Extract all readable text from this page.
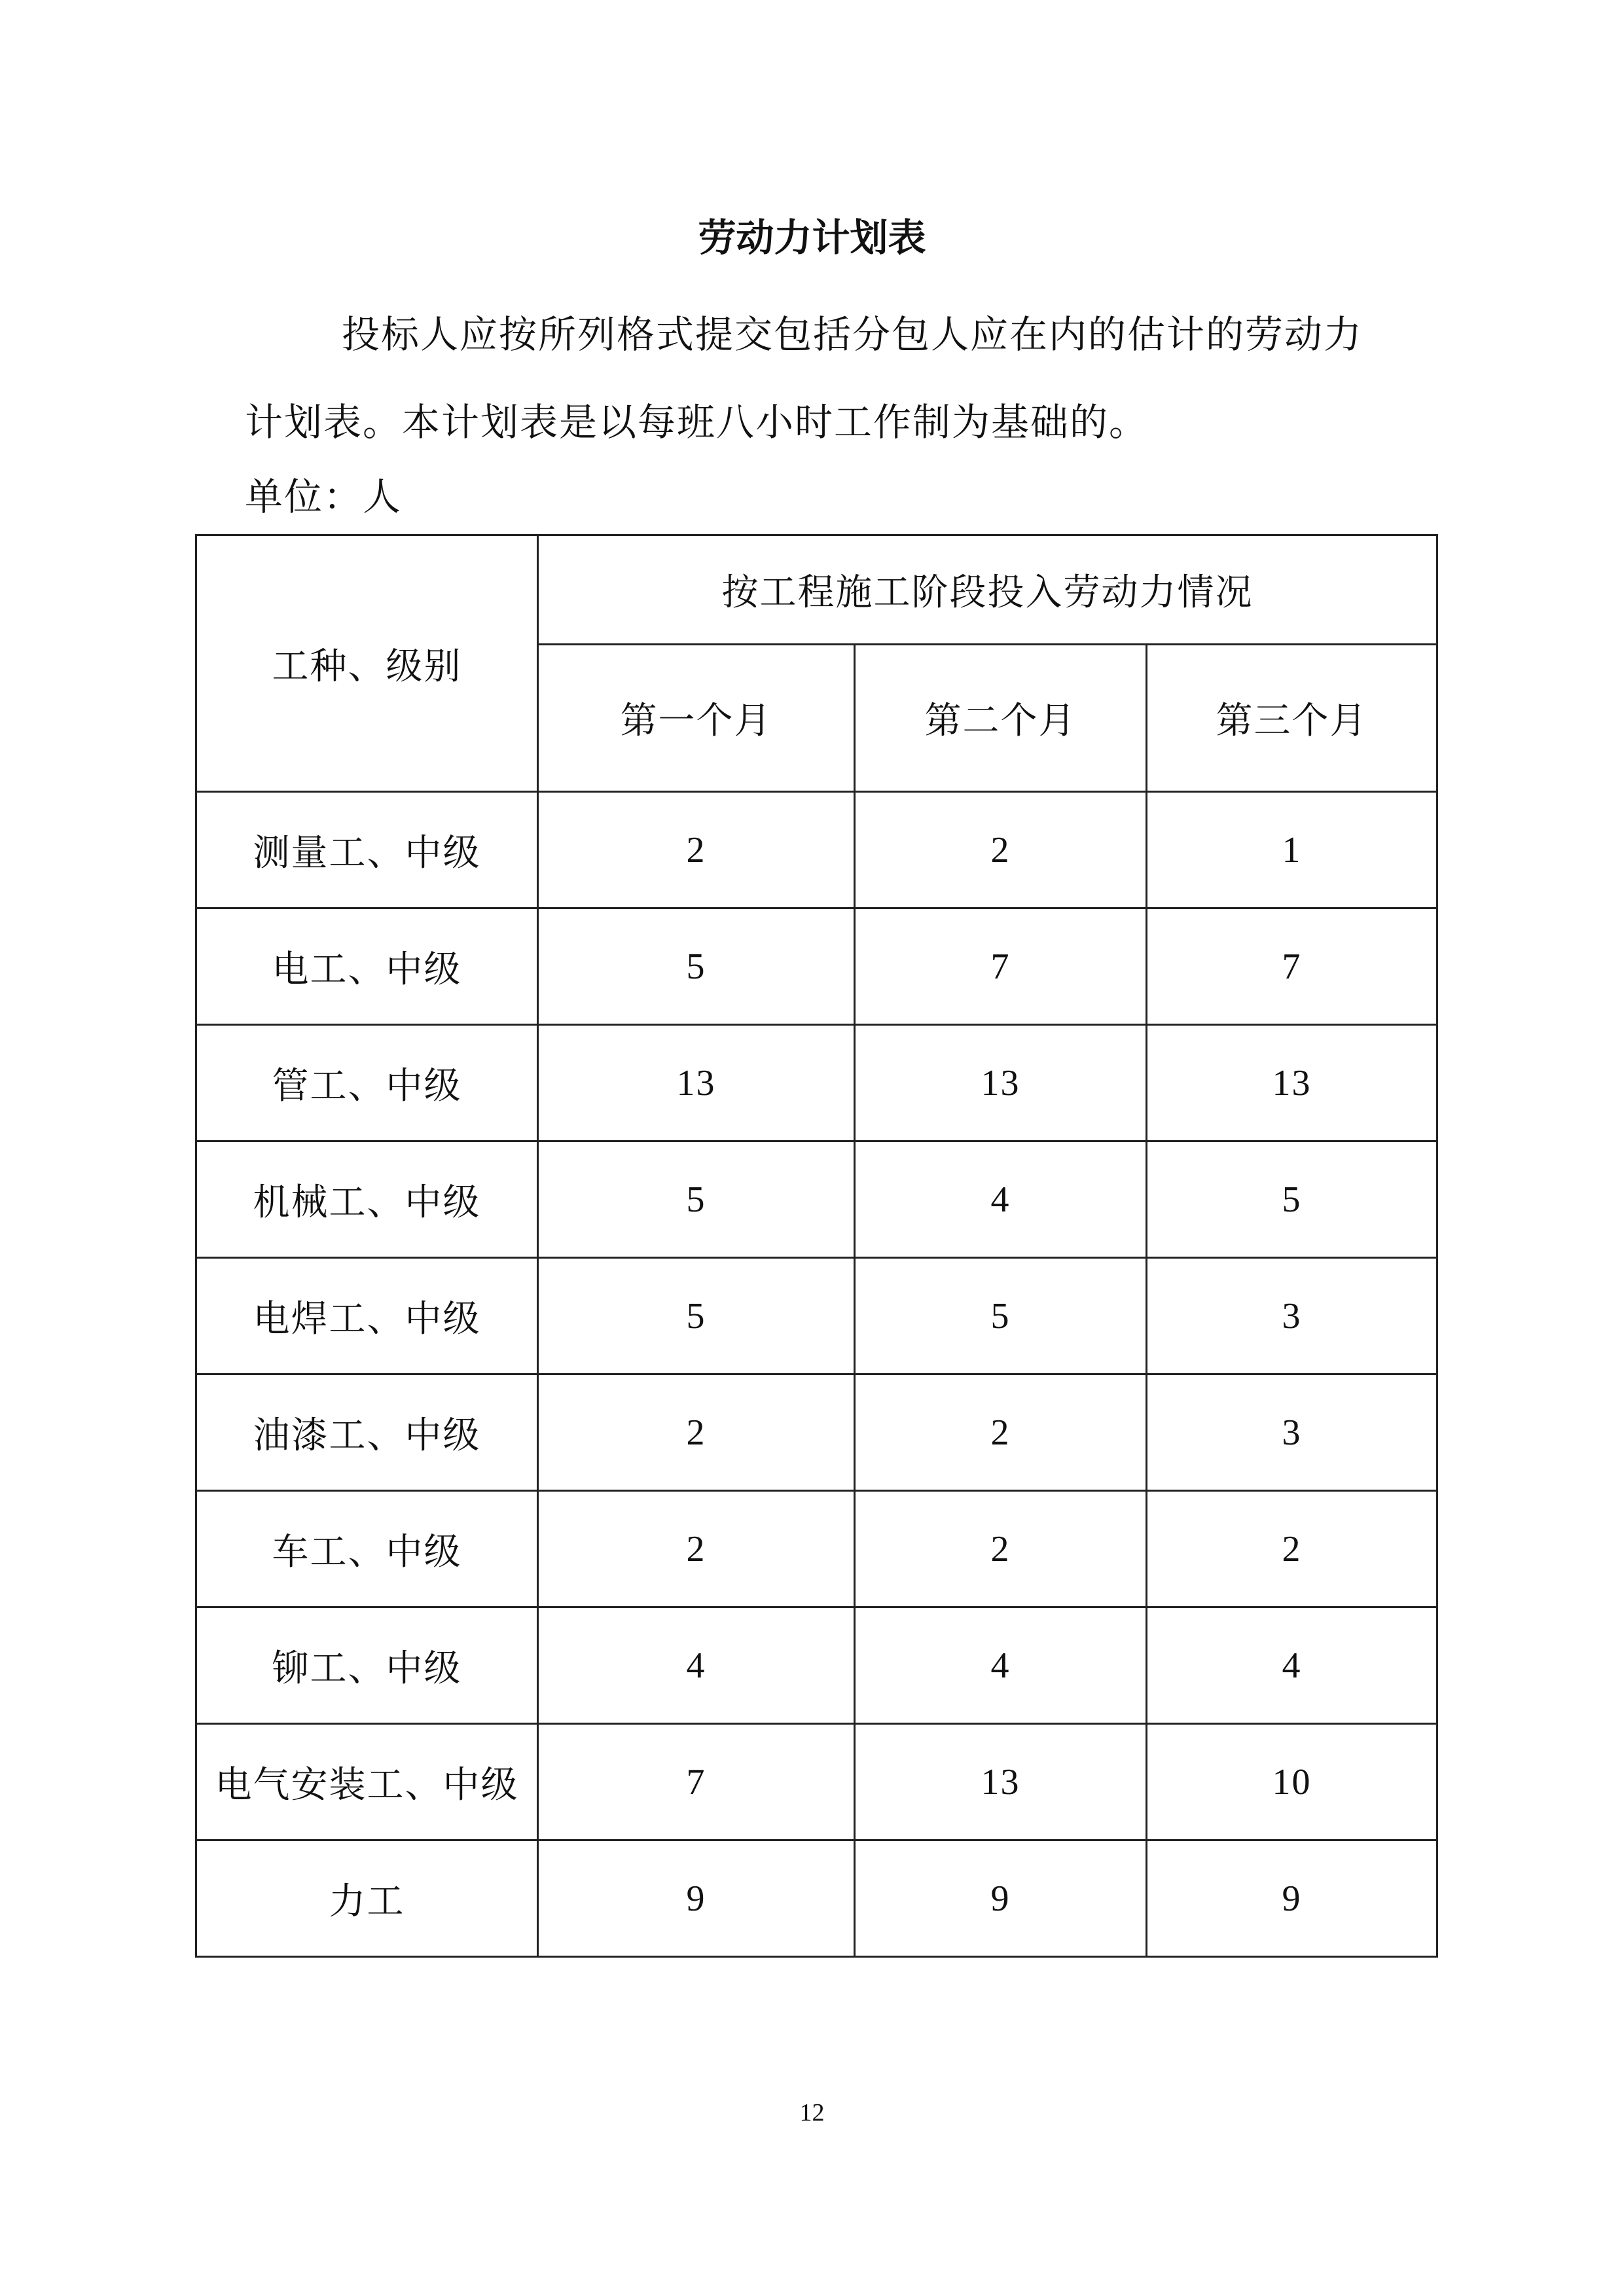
劳动力计划表
投标人应按所列格式提交包括分包人应在内的估计的劳动力计划表。本计划表是以每班八小时工作制为基础的。
单位：人
工种、级别	按工程施工阶段投入劳动力情况		
	第一个月	第二个月	第三个月
测量工、中级	2	2	1
电工、中级	5	7	7
管工、中级	13	13	13
机械工、中级	5	4	5
电焊工、中级	5	5	3
油漆工、中级	2	2	3
车工、中级	2	2	2
铆工、中级	4	4	4
电气安装工、中级	7	13	10
力工	9	9	9
12
